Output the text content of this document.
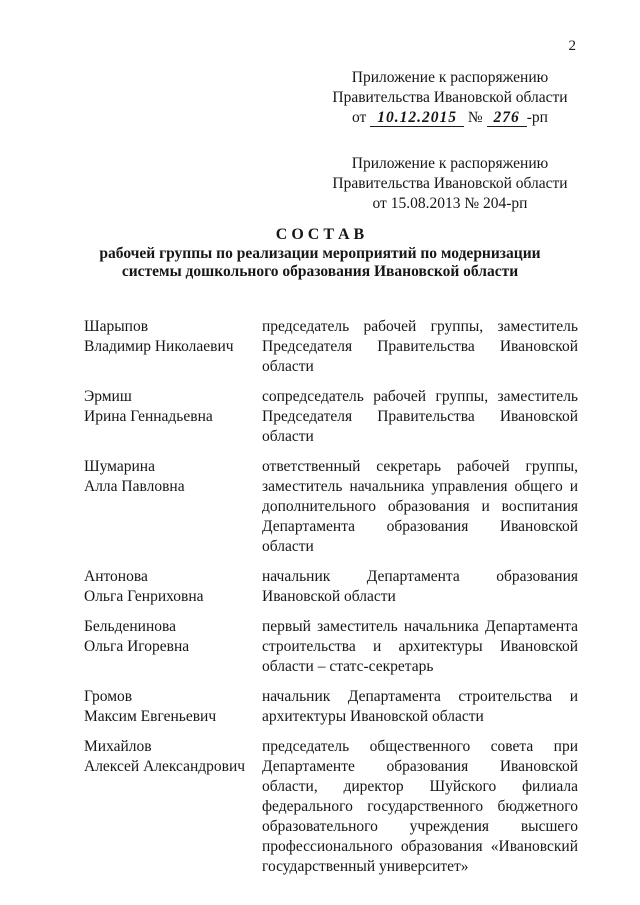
2
Приложение к распоряжению
Правительства Ивановской области
от 10.12.2015 № 276 -рп
Приложение к распоряжению
Правительства Ивановской области
от 15.08.2013 № 204-рп
С О С Т А В
рабочей группы по реализации мероприятий по модернизации
системы дошкольного образования Ивановской области
Шарыпов
Владимир Николаевич
председатель рабочей группы, заместитель Председателя Правительства Ивановской области
Эрмиш
Ирина Геннадьевна
сопредседатель рабочей группы, заместитель Председателя Правительства Ивановской области
Шумарина
Алла Павловна
ответственный секретарь рабочей группы, заместитель начальника управления общего и дополнительного образования и воспитания Департамента образования Ивановской области
Антонова
Ольга Генриховна
начальник Департамента образования Ивановской области
Бельденинова
Ольга Игоревна
первый заместитель начальника Департамента строительства и архитектуры Ивановской области – статс-секретарь
Громов
Максим Евгеньевич
начальник Департамента строительства и архитектуры Ивановской области
Михайлов
Алексей Александрович
председатель общественного совета при Департаменте образования Ивановской области, директор Шуйского филиала федерального государственного бюджетного образовательного учреждения высшего профессионального образования «Ивановский государственный университет»
